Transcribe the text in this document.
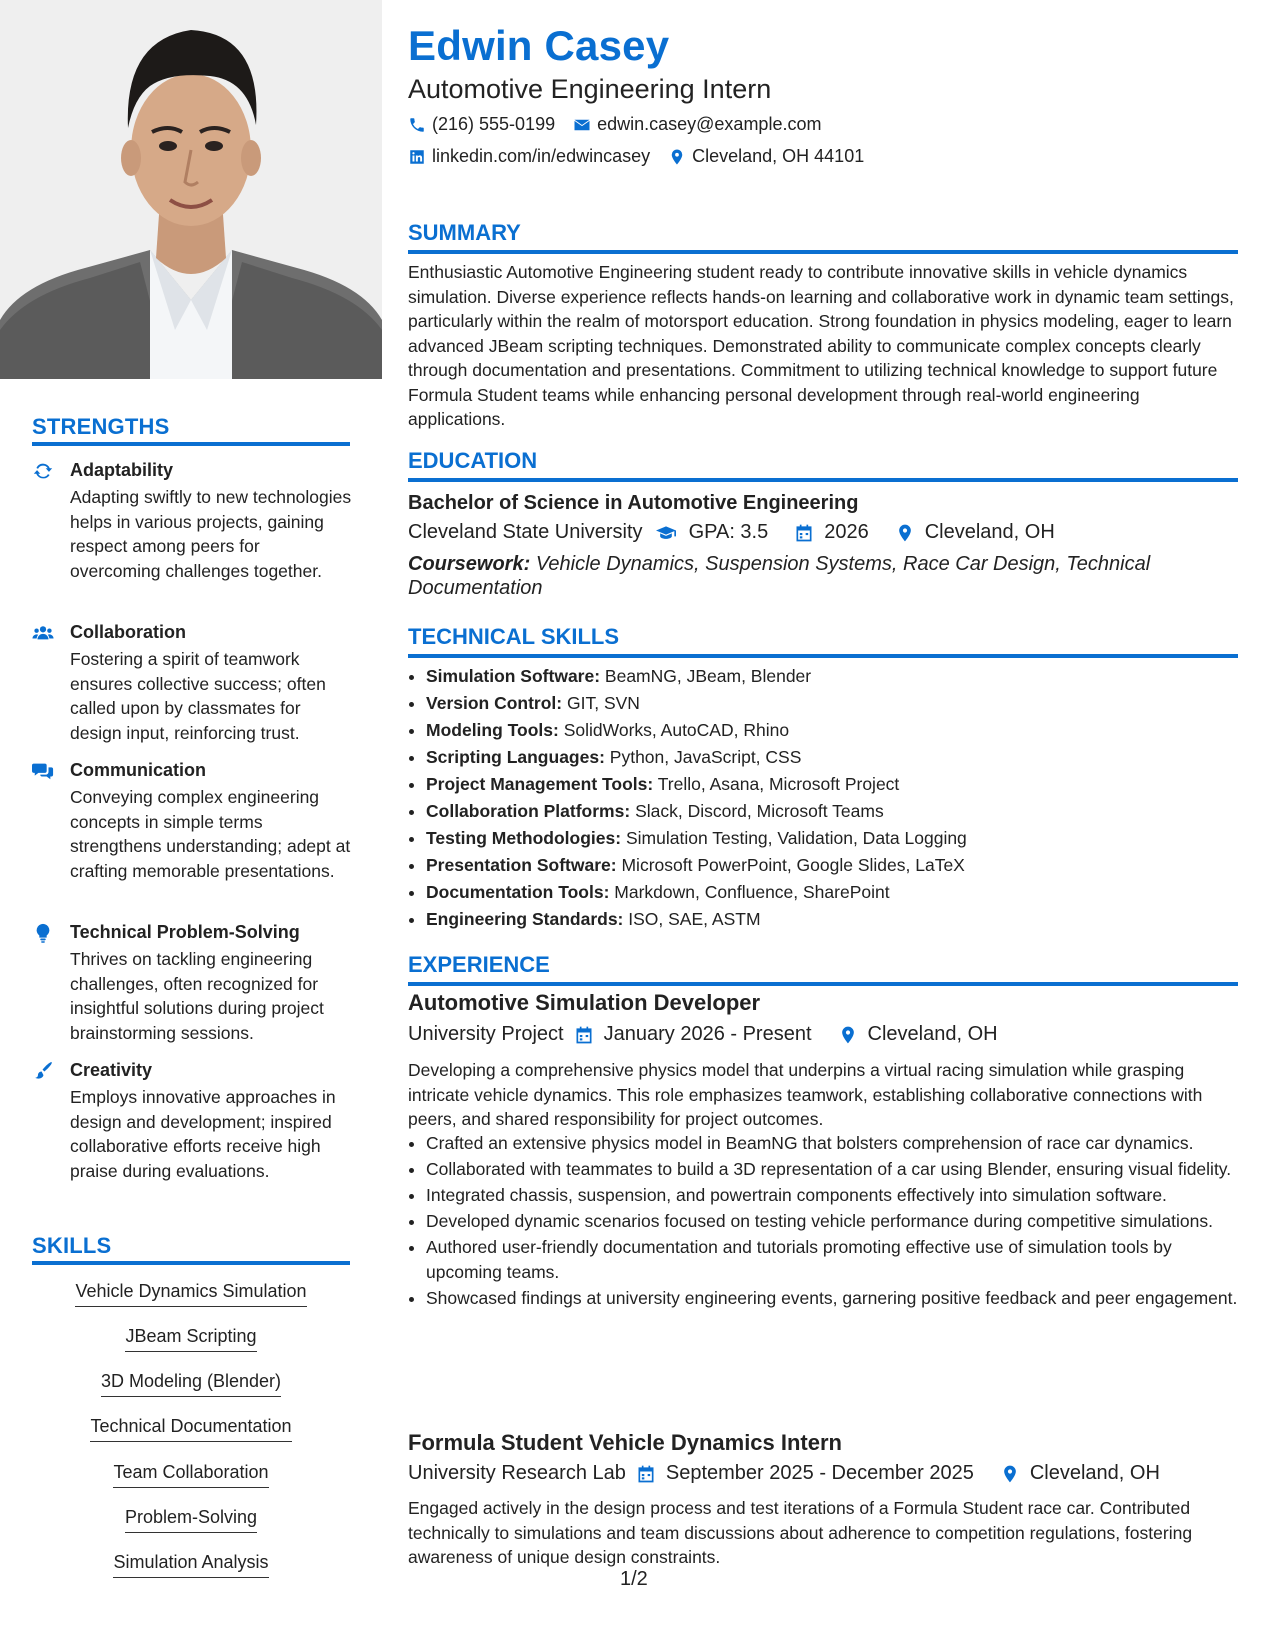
STRENGTHS
Adaptability
Adapting swiftly to new technologies helps in various projects, gaining respect among peers for overcoming challenges together.
Collaboration
Fostering a spirit of teamwork ensures collective success; often called upon by classmates for design input, reinforcing trust.
Communication
Conveying complex engineering concepts in simple terms strengthens understanding; adept at crafting memorable presentations.
Technical Problem-Solving
Thrives on tackling engineering challenges, often recognized for insightful solutions during project brainstorming sessions.
Creativity
Employs innovative approaches in design and development; inspired collaborative efforts receive high praise during evaluations.
SKILLS
Vehicle Dynamics Simulation
JBeam Scripting
3D Modeling (Blender)
Technical Documentation
Team Collaboration
Problem-Solving
Simulation Analysis
Edwin Casey
Automotive Engineering Intern
(216) 555-0199 edwin.casey@example.com
linkedin.com/in/edwincasey Cleveland, OH 44101
SUMMARY
Enthusiastic Automotive Engineering student ready to contribute innovative skills in vehicle dynamics simulation. Diverse experience reflects hands-on learning and collaborative work in dynamic team settings, particularly within the realm of motorsport education. Strong foundation in physics modeling, eager to learn advanced JBeam scripting techniques. Demonstrated ability to communicate complex concepts clearly through documentation and presentations. Commitment to utilizing technical knowledge to support future Formula Student teams while enhancing personal development through real-world engineering applications.
EDUCATION
Bachelor of Science in Automotive Engineering
Cleveland State University GPA: 3.5	2026	Cleveland, OH
Coursework: Vehicle Dynamics, Suspension Systems, Race Car Design, Technical Documentation
TECHNICAL SKILLS
• Simulation Software: BeamNG, JBeam, Blender
• Version Control: GIT, SVN
• Modeling Tools: SolidWorks, AutoCAD, Rhino
• Scripting Languages: Python, JavaScript, CSS
• Project Management Tools: Trello, Asana, Microsoft Project
• Collaboration Platforms: Slack, Discord, Microsoft Teams
• Testing Methodologies: Simulation Testing, Validation, Data Logging
• Presentation Software: Microsoft PowerPoint, Google Slides, LaTeX
• Documentation Tools: Markdown, Confluence, SharePoint
• Engineering Standards: ISO, SAE, ASTM
EXPERIENCE
Automotive Simulation Developer
University Project January 2026 - Present	Cleveland, OH
Developing a comprehensive physics model that underpins a virtual racing simulation while grasping intricate vehicle dynamics. This role emphasizes teamwork, establishing collaborative connections with peers, and shared responsibility for project outcomes.
• Crafted an extensive physics model in BeamNG that bolsters comprehension of race car dynamics.
• Collaborated with teammates to build a 3D representation of a car using Blender, ensuring visual fidelity.
• Integrated chassis, suspension, and powertrain components effectively into simulation software.
• Developed dynamic scenarios focused on testing vehicle performance during competitive simulations.
• Authored user-friendly documentation and tutorials promoting effective use of simulation tools by upcoming teams.
• Showcased findings at university engineering events, garnering positive feedback and peer engagement.
Formula Student Vehicle Dynamics Intern
University Research Lab September 2025 - December 2025	Cleveland, OH
Engaged actively in the design process and test iterations of a Formula Student race car. Contributed technically to simulations and team discussions about adherence to competition regulations, fostering awareness of unique design constraints.
1/2
